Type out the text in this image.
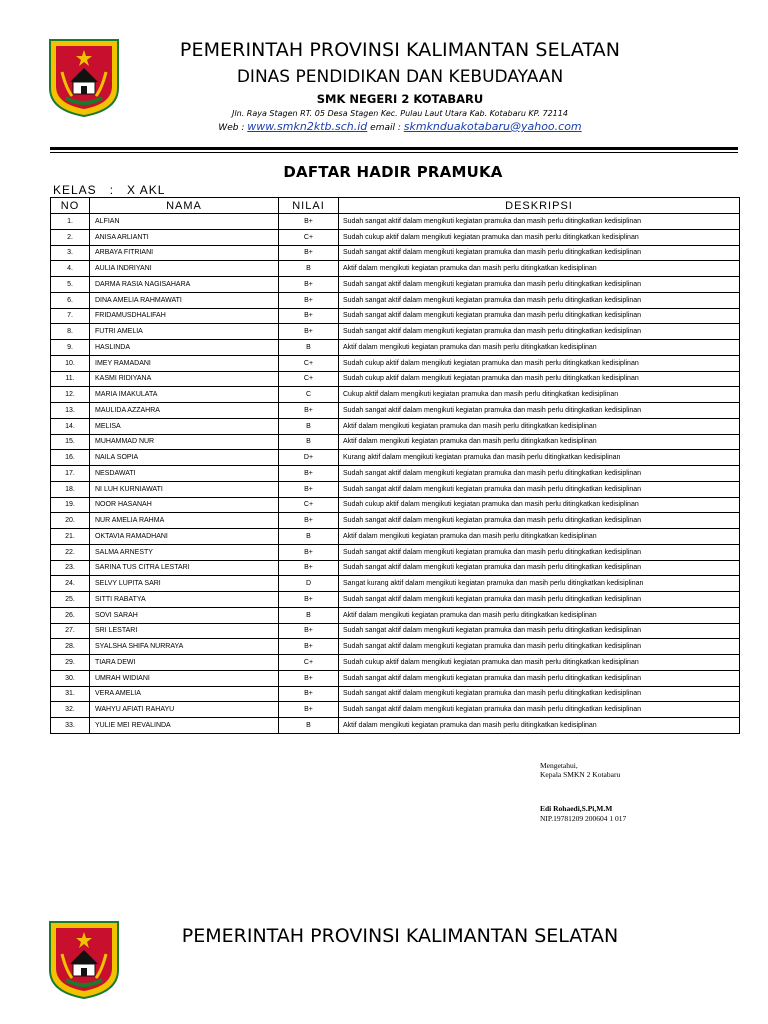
PEMERINTAH PROVINSI KALIMANTAN SELATAN
DINAS PENDIDIKAN DAN KEBUDAYAAN
SMK NEGERI 2 KOTABARU
Jln. Raya Stagen RT. 05 Desa Stagen Kec. Pulau Laut Utara Kab. Kotabaru KP. 72114
Web : www.smkn2ktb.sch.id email : skmknduakotabaru@yahoo.com
DAFTAR HADIR PRAMUKA
KELAS   :   X AKL
NO	NAMA	NILAI	DESKRIPSI
1.	ALFIAN	B+	Sudah sangat aktif dalam mengikuti kegiatan pramuka dan masih perlu ditingkatkan kedisiplinan
2.	ANISA ARLIANTI	C+	Sudah cukup aktif dalam mengikuti kegiatan pramuka dan masih perlu ditingkatkan kedisiplinan
3.	ARBAYA FITRIANI	B+	Sudah sangat aktif dalam mengikuti kegiatan pramuka dan masih perlu ditingkatkan kedisiplinan
4.	AULIA INDRIYANI	B	Aktif dalam mengikuti kegiatan pramuka dan masih perlu ditingkatkan kedisiplinan
5.	DARMA RASIA NAGISAHARA	B+	Sudah sangat aktif dalam mengikuti kegiatan pramuka dan masih perlu ditingkatkan kedisiplinan
6.	DINA AMELIA RAHMAWATI	B+	Sudah sangat aktif dalam mengikuti kegiatan pramuka dan masih perlu ditingkatkan kedisiplinan
7.	FRIDAMUSDHALIFAH	B+	Sudah sangat aktif dalam mengikuti kegiatan pramuka dan masih perlu ditingkatkan kedisiplinan
8.	FUTRI AMELIA	B+	Sudah sangat aktif dalam mengikuti kegiatan pramuka dan masih perlu ditingkatkan kedisiplinan
9.	HASLINDA	B	Aktif dalam mengikuti kegiatan pramuka dan masih perlu ditingkatkan kedisiplinan
10.	IMEY RAMADANI	C+	Sudah cukup aktif dalam mengikuti kegiatan pramuka dan masih perlu ditingkatkan kedisiplinan
11.	KASMI RIDIYANA	C+	Sudah cukup aktif dalam mengikuti kegiatan pramuka dan masih perlu ditingkatkan kedisiplinan
12.	MARIA IMAKULATA	C	Cukup aktif dalam mengikuti kegiatan pramuka dan masih perlu ditingkatkan kedisiplinan
13.	MAULIDA AZZAHRA	B+	Sudah sangat aktif dalam mengikuti kegiatan pramuka dan masih perlu ditingkatkan kedisiplinan
14.	MELISA	B	Aktif dalam mengikuti kegiatan pramuka dan masih perlu ditingkatkan kedisiplinan
15.	MUHAMMAD NUR	B	Aktif dalam mengikuti kegiatan pramuka dan masih perlu ditingkatkan kedisiplinan
16.	NAILA SOPIA	D+	Kurang aktif dalam mengikuti kegiatan pramuka dan masih perlu ditingkatkan kedisiplinan
17.	NESDAWATI	B+	Sudah sangat aktif dalam mengikuti kegiatan pramuka dan masih perlu ditingkatkan kedisiplinan
18.	NI LUH KURNIAWATI	B+	Sudah sangat aktif dalam mengikuti kegiatan pramuka dan masih perlu ditingkatkan kedisiplinan
19.	NOOR HASANAH	C+	Sudah cukup aktif dalam mengikuti kegiatan pramuka dan masih perlu ditingkatkan kedisiplinan
20.	NUR AMELIA RAHMA	B+	Sudah sangat aktif dalam mengikuti kegiatan pramuka dan masih perlu ditingkatkan kedisiplinan
21.	OKTAVIA RAMADHANI	B	Aktif dalam mengikuti kegiatan pramuka dan masih perlu ditingkatkan kedisiplinan
22.	SALMA ARNESTY	B+	Sudah sangat aktif dalam mengikuti kegiatan pramuka dan masih perlu ditingkatkan kedisiplinan
23.	SARINA TUS CITRA LESTARI	B+	Sudah sangat aktif dalam mengikuti kegiatan pramuka dan masih perlu ditingkatkan kedisiplinan
24.	SELVY LUPITA SARI	D	Sangat kurang aktif dalam mengikuti kegiatan pramuka dan masih perlu ditingkatkan kedisiplinan
25.	SITTI RABATYA	B+	Sudah sangat aktif dalam mengikuti kegiatan pramuka dan masih perlu ditingkatkan kedisiplinan
26.	SOVI SARAH	B	Aktif dalam mengikuti kegiatan pramuka dan masih perlu ditingkatkan kedisiplinan
27.	SRI LESTARI	B+	Sudah sangat aktif dalam mengikuti kegiatan pramuka dan masih perlu ditingkatkan kedisiplinan
28.	SYALSHA SHIFA NURRAYA	B+	Sudah sangat aktif dalam mengikuti kegiatan pramuka dan masih perlu ditingkatkan kedisiplinan
29.	TIARA DEWI	C+	Sudah cukup aktif dalam mengikuti kegiatan pramuka dan masih perlu ditingkatkan kedisiplinan
30.	UMRAH WIDIANI	B+	Sudah sangat aktif dalam mengikuti kegiatan pramuka dan masih perlu ditingkatkan kedisiplinan
31.	VERA AMELIA	B+	Sudah sangat aktif dalam mengikuti kegiatan pramuka dan masih perlu ditingkatkan kedisiplinan
32.	WAHYU AFIATI RAHAYU	B+	Sudah sangat aktif dalam mengikuti kegiatan pramuka dan masih perlu ditingkatkan kedisiplinan
33.	YULIE MEI REVALINDA	B	Aktif dalam mengikuti kegiatan pramuka dan masih perlu ditingkatkan kedisiplinan
Mengetahui,
Kepala SMKN 2 Kotabaru
Edi Rohaedi,S.Pi,M.M
NIP.19781209 200604 1 017
PEMERINTAH PROVINSI KALIMANTAN SELATAN
